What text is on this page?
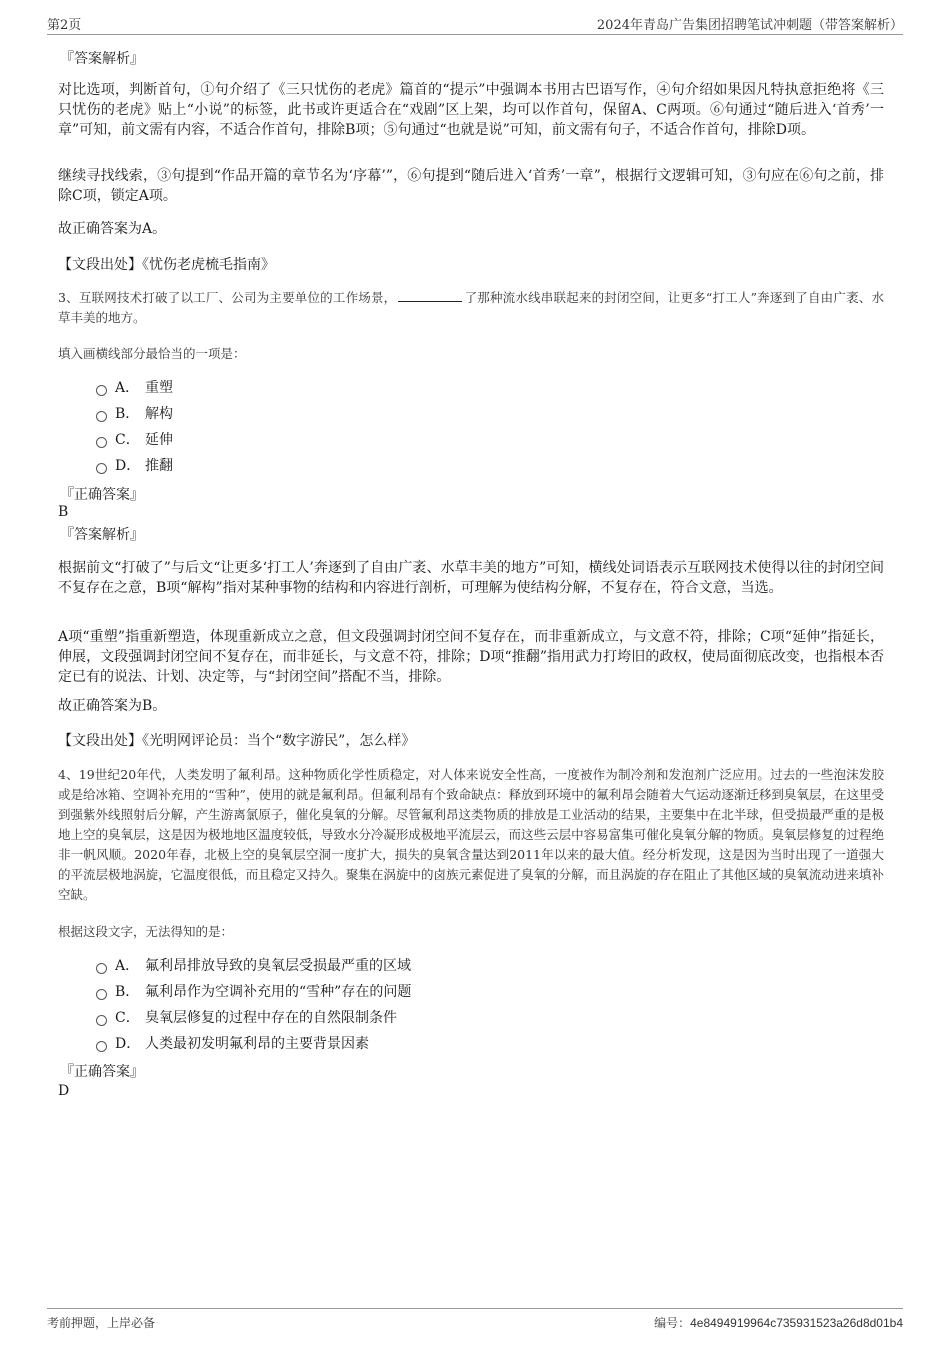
第2页	2024年青岛广告集团招聘笔试冲刺题（带答案解析）
『答案解析』
对比选项，判断首句，①句介绍了《三只忧伤的老虎》篇首的“提示”中强调本书用古巴语写作，④句介绍如果因凡特执意拒绝将《三只忧伤的老虎》贴上“小说”的标签，此书或许更适合在“戏剧”区上架，均可以作首句，保留A、C两项。⑥句通过“随后进入‘首秀’一章”可知，前文需有内容，不适合作首句，排除B项；⑤句通过“也就是说”可知，前文需有句子，不适合作首句，排除D项。
继续寻找线索，③句提到“作品开篇的章节名为‘序幕’”，⑥句提到“随后进入‘首秀’一章”，根据行文逻辑可知，③句应在⑥句之前，排除C项，锁定A项。
故正确答案为A。
【文段出处】《忧伤老虎梳毛指南》
3、互联网技术打破了以工厂、公司为主要单位的工作场景，	了那种流水线串联起来的封闭空间，让更多“打工人”奔逐到了自由广袤、水草丰美的地方。
填入画横线部分最恰当的一项是：
A． 重塑
B． 解构
C． 延伸
D． 推翻
『正确答案』
B
『答案解析』
根据前文“打破了”与后文“让更多‘打工人’奔逐到了自由广袤、水草丰美的地方”可知，横线处词语表示互联网技术使得以往的封闭空间不复存在之意，B项“解构”指对某种事物的结构和内容进行剖析，可理解为使结构分解，不复存在，符合文意，当选。
A项“重塑”指重新塑造，体现重新成立之意，但文段强调封闭空间不复存在，而非重新成立，与文意不符，排除；C项“延伸”指延长，伸展，文段强调封闭空间不复存在，而非延长，与文意不符，排除；D项“推翻”指用武力打垮旧的政权，使局面彻底改变，也指根本否定已有的说法、计划、决定等，与“封闭空间”搭配不当，排除。
故正确答案为B。
【文段出处】《光明网评论员：当个“数字游民”，怎么样》
4、19世纪20年代，人类发明了氟利昂。这种物质化学性质稳定，对人体来说安全性高，一度被作为制冷剂和发泡剂广泛应用。过去的一些泡沫发胶或是给冰箱、空调补充用的“雪种”，使用的就是氟利昂。但氟利昂有个致命缺点：释放到环境中的氟利昂会随着大气运动逐渐迁移到臭氧层，在这里受到强紫外线照射后分解，产生游离氯原子，催化臭氧的分解。尽管氟利昂这类物质的排放是工业活动的结果，主要集中在北半球，但受损最严重的是极地上空的臭氧层，这是因为极地地区温度较低，导致水分冷凝形成极地平流层云，而这些云层中容易富集可催化臭氧分解的物质。臭氧层修复的过程绝非一帆风顺。2020年春，北极上空的臭氧层空洞一度扩大，损失的臭氧含量达到2011年以来的最大值。经分析发现，这是因为当时出现了一道强大的平流层极地涡旋，它温度很低，而且稳定又持久。聚集在涡旋中的卤族元素促进了臭氧的分解，而且涡旋的存在阻止了其他区域的臭氧流动进来填补空缺。
根据这段文字，无法得知的是：
A． 氟利昂排放导致的臭氧层受损最严重的区域
B． 氟利昂作为空调补充用的“雪种”存在的问题
C． 臭氧层修复的过程中存在的自然限制条件
D． 人类最初发明氟利昂的主要背景因素
『正确答案』
D
考前押题，上岸必备	编号：4e8494919964c735931523a26d8d01b4
